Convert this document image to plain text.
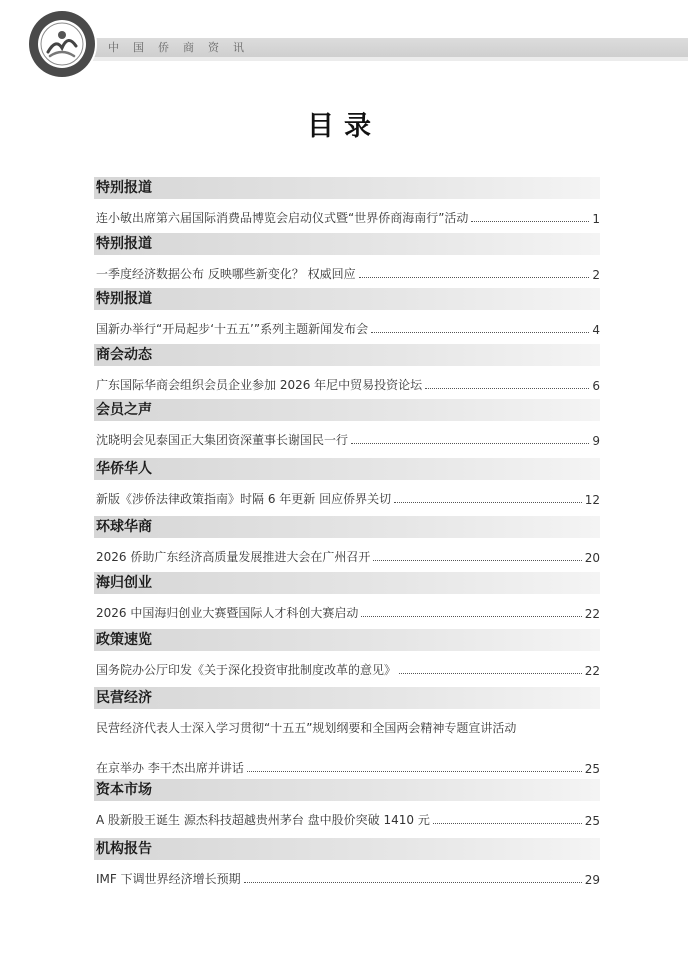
中国侨商资讯
目录
特别报道
连小敏出席第六届国际消费品博览会启动仪式暨“世界侨商海南行”活动	1
特别报道
一季度经济数据公布 反映哪些新变化？ 权威回应	2
特别报道
国新办举行“开局起步‘十五五’”系列主题新闻发布会	4
商会动态
广东国际华商会组织会员企业参加 2026 年尼中贸易投资论坛	6
会员之声
沈晓明会见泰国正大集团资深董事长谢国民一行	9
华侨华人
新版《涉侨法律政策指南》时隔 6 年更新 回应侨界关切	12
环球华商
2026 侨助广东经济高质量发展推进大会在广州召开	20
海归创业
2026 中国海归创业大赛暨国际人才科创大赛启动	22
政策速览
国务院办公厅印发《关于深化投资审批制度改革的意见》	22
民营经济
民营经济代表人士深入学习贯彻“十五五”规划纲要和全国两会精神专题宣讲活动
在京举办 李干杰出席并讲话	25
资本市场
A 股新股王诞生 源杰科技超越贵州茅台 盘中股价突破 1410 元	25
机构报告
IMF 下调世界经济增长预期	29
